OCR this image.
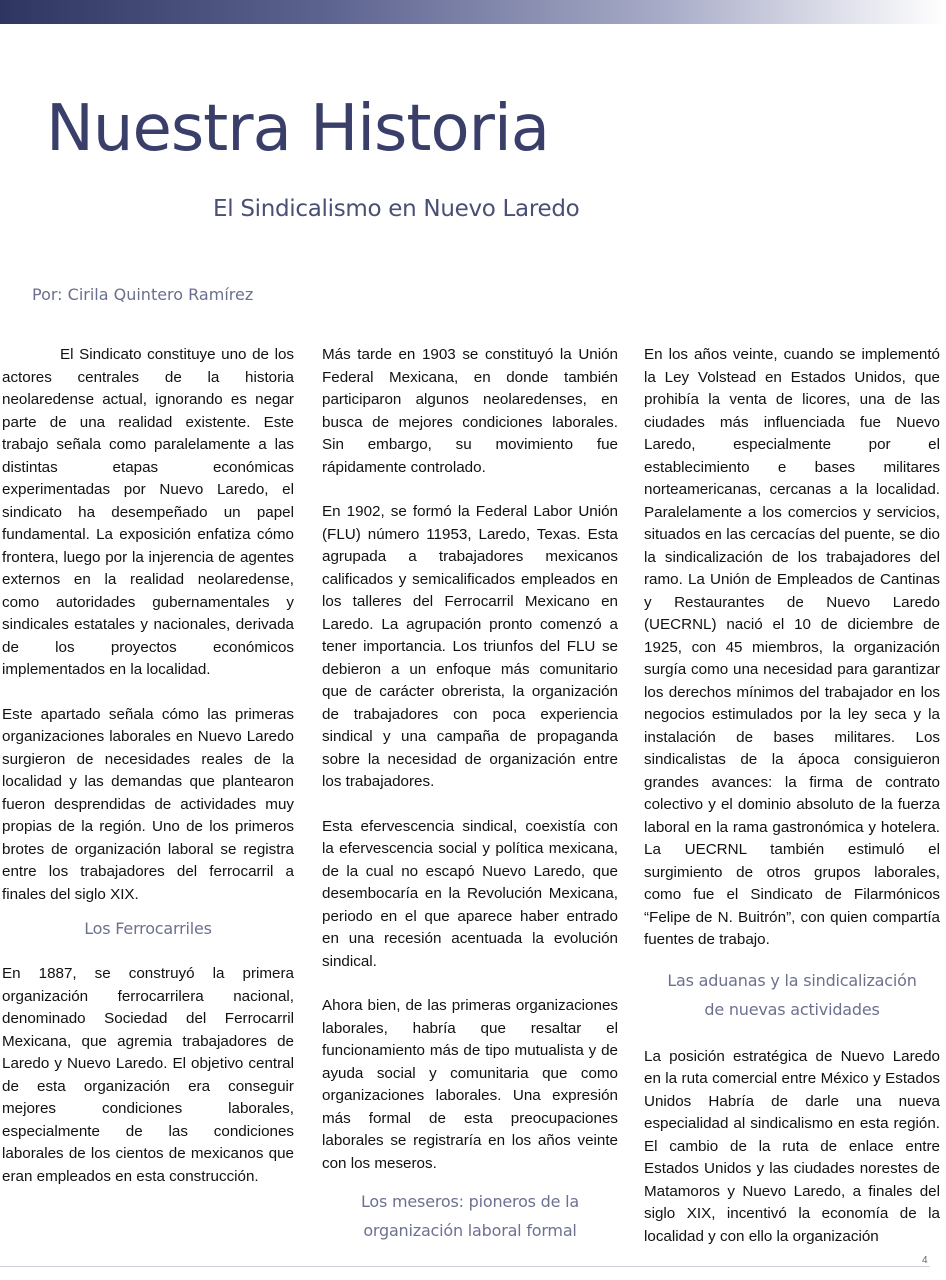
Nuestra Historia
El Sindicalismo en Nuevo Laredo
Por: Cirila Quintero Ramírez

El Sindicato constituye uno de los actores centrales de la historia neolaredense actual, ignorando es negar parte de una realidad existente. Este trabajo señala como paralelamente a las distintas etapas económicas experimentadas por Nuevo Laredo, el sindicato ha desempeñado un papel fundamental. La exposición enfatiza cómo frontera, luego por la injerencia de agentes externos en la realidad neolaredense, como autoridades gubernamentales y sindicales estatales y nacionales, derivada de los proyectos económicos implementados en la localidad.

Este apartado señala cómo las primeras organizaciones laborales en Nuevo Laredo surgieron de necesidades reales de la localidad y las demandas que plantearon fueron desprendidas de actividades muy propias de la región. Uno de los primeros brotes de organización laboral se registra entre los trabajadores del ferrocarril a finales del siglo XIX.

Los Ferrocarriles

En 1887, se construyó la primera organización ferrocarrilera nacional, denominado Sociedad del Ferrocarril Mexicana, que agremia trabajadores de Laredo y Nuevo Laredo. El objetivo central de esta organización era conseguir mejores condiciones laborales, especialmente de las condiciones laborales de los cientos de mexicanos que eran empleados en esta construcción.

Más tarde en 1903 se constituyó la Unión Federal Mexicana, en donde también participaron algunos neolaredenses, en busca de mejores condiciones laborales. Sin embargo, su movimiento fue rápidamente controlado.

En 1902, se formó la Federal Labor Unión (FLU) número 11953, Laredo, Texas. Esta agrupada a trabajadores mexicanos calificados y semicalificados empleados en los talleres del Ferrocarril Mexicano en Laredo. La agrupación pronto comenzó a tener importancia. Los triunfos del FLU se debieron a un enfoque más comunitario que de carácter obrerista, la organización de trabajadores con poca experiencia sindical y una campaña de propaganda sobre la necesidad de organización entre los trabajadores.

Esta efervescencia sindical, coexistía con la efervescencia social y política mexicana, de la cual no escapó Nuevo Laredo, que desembocaría en la Revolución Mexicana, periodo en el que aparece haber entrado en una recesión acentuada la evolución sindical.

Ahora bien, de las primeras organizaciones laborales, habría que resaltar el funcionamiento más de tipo mutualista y de ayuda social y comunitaria que como organizaciones laborales. Una expresión más formal de esta preocupaciones laborales se registraría en los años veinte con los meseros.

Los meseros: pioneros de la
organización laboral formal

En los años veinte, cuando se implementó la Ley Volstead en Estados Unidos, que prohibía la venta de licores, una de las ciudades más influenciada fue Nuevo Laredo, especialmente por el establecimiento e bases militares norteamericanas, cercanas a la localidad. Paralelamente a los comercios y servicios, situados en las cercacías del puente, se dio la sindicalización de los trabajadores del ramo. La Unión de Empleados de Cantinas y Restaurantes de Nuevo Laredo (UECRNL) nació el 10 de diciembre de 1925, con 45 miembros, la organización surgía como una necesidad para garantizar los derechos mínimos del trabajador en los negocios estimulados por la ley seca y la instalación de bases militares. Los sindicalistas de la ápoca consiguieron grandes avances: la firma de contrato colectivo y el dominio absoluto de la fuerza laboral en la rama gastronómica y hotelera. La UECRNL también estimuló el surgimiento de otros grupos laborales, como fue el Sindicato de Filarmónicos “Felipe de N. Buitrón”, con quien compartía fuentes de trabajo.

Las aduanas y la sindicalización
de nuevas actividades

La posición estratégica de Nuevo Laredo en la ruta comercial entre México y Estados Unidos Habría de darle una nueva especialidad al sindicalismo en esta región. El cambio de la ruta de enlace entre Estados Unidos y las ciudades norestes de Matamoros y Nuevo Laredo, a finales del siglo XIX, incentivó la economía de la localidad y con ello la organización

4
